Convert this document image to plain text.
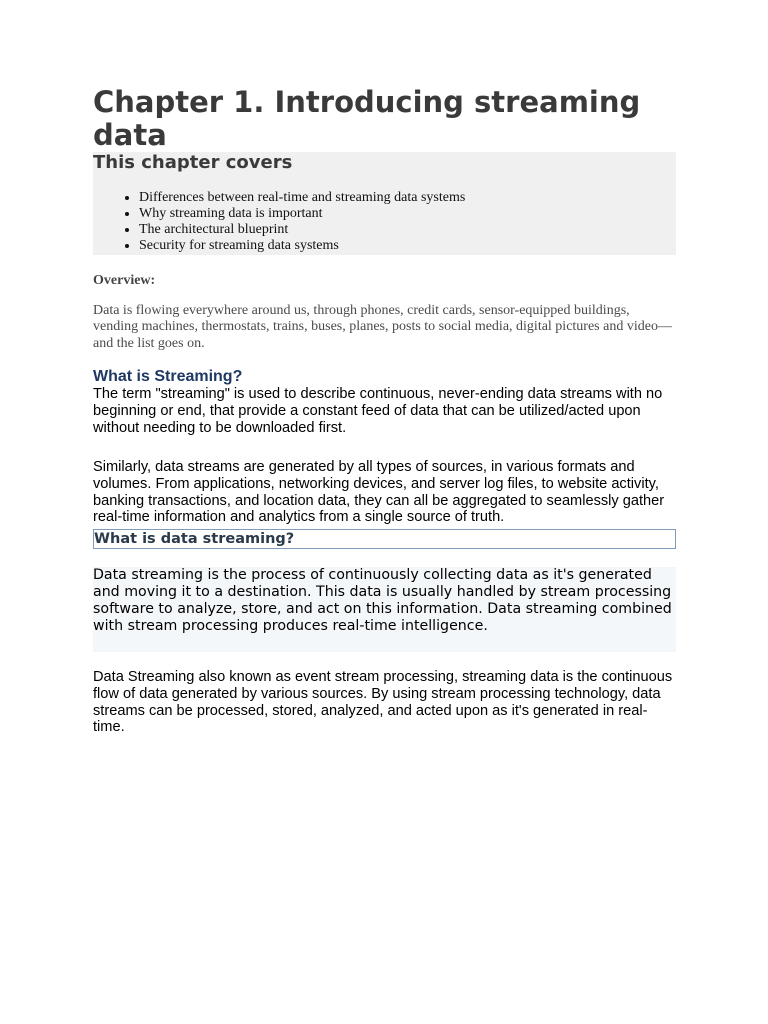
Chapter 1. Introducing streaming data
This chapter covers
• Differences between real-time and streaming data systems
• Why streaming data is important
• The architectural blueprint
• Security for streaming data systems

Overview:

Data is flowing everywhere around us, through phones, credit cards, sensor-equipped buildings, vending machines, thermostats, trains, buses, planes, posts to social media, digital pictures and video—and the list goes on.

What is Streaming?

The term "streaming" is used to describe continuous, never-ending data streams with no beginning or end, that provide a constant feed of data that can be utilized/acted upon without needing to be downloaded first.

Similarly, data streams are generated by all types of sources, in various formats and volumes. From applications, networking devices, and server log files, to website activity, banking transactions, and location data, they can all be aggregated to seamlessly gather real-time information and analytics from a single source of truth.

What is data streaming?

Data streaming is the process of continuously collecting data as it's generated and moving it to a destination. This data is usually handled by stream processing software to analyze, store, and act on this information. Data streaming combined with stream processing produces real-time intelligence.

Data Streaming also known as event stream processing, streaming data is the continuous flow of data generated by various sources. By using stream processing technology, data streams can be processed, stored, analyzed, and acted upon as it's generated in real-time.
